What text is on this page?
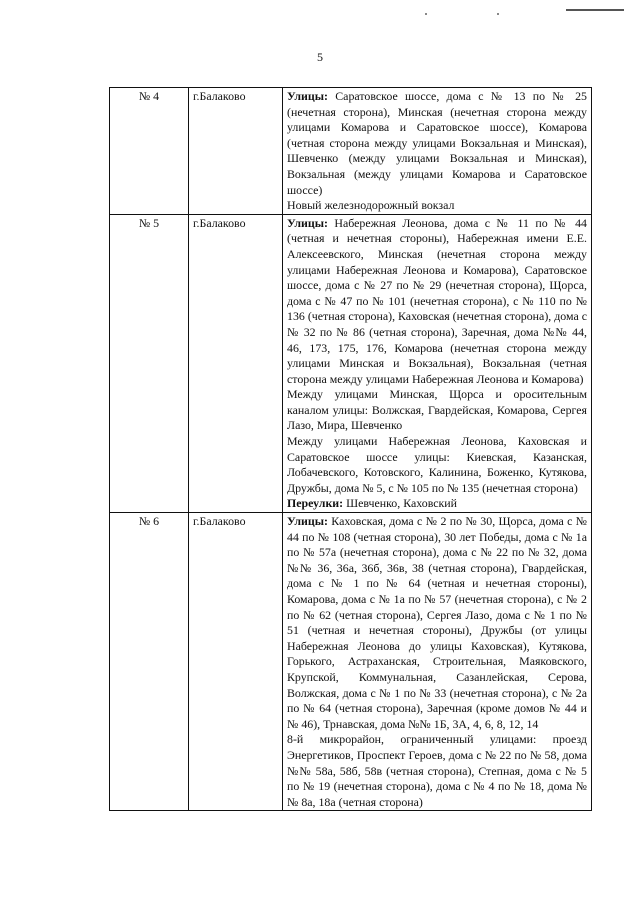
5
№ 4	г.Балаково	Улицы: Саратовское шоссе, дома с № 13 по № 25 (нечетная сторона), Минская (нечетная сторона между улицами Комарова и Саратовское шоссе), Комарова (четная сторона между улицами Вокзальная и Минская), Шевченко (между улицами Вокзальная и Минская), Вокзальная (между улицами Комарова и Саратовское шоссе)
Новый железнодорожный вокзал

№ 5	г.Балаково	Улицы: Набережная Леонова, дома с № 11 по № 44 (четная и нечетная стороны), Набережная имени Е.Е. Алексеевского, Минская (нечетная сторона между улицами Набережная Леонова и Комарова), Саратовское шоссе, дома с № 27 по № 29 (нечетная сторона), Щорса, дома с № 47 по № 101 (нечетная сторона), с № 110 по № 136 (четная сторона), Каховская (нечетная сторона), дома с № 32 по № 86 (четная сторона), Заречная, дома №№ 44, 46, 173, 175, 176, Комарова (нечетная сторона между улицами Минская и Вокзальная), Вокзальная (четная сторона между улицами Набережная Леонова и Комарова)
Между улицами Минская, Щорса и оросительным каналом улицы: Волжская, Гвардейская, Комарова, Сергея Лазо, Мира, Шевченко
Между улицами Набережная Леонова, Каховская и Саратовское шоссе улицы: Киевская, Казанская, Лобачевского, Котовского, Калинина, Боженко, Кутякова, Дружбы, дома № 5, с № 105 по № 135 (нечетная сторона)
Переулки: Шевченко, Каховский

№ 6	г.Балаково	Улицы: Каховская, дома с № 2 по № 30, Щорса, дома с № 44 по № 108 (четная сторона), 30 лет Победы, дома с № 1а по № 57а (нечетная сторона), дома с № 22 по № 32, дома №№ 36, 36а, 36б, 36в, 38 (четная сторона), Гвардейская, дома с № 1 по № 64 (четная и нечетная стороны), Комарова, дома с № 1а по № 57 (нечетная сторона), с № 2 по № 62 (четная сторона), Сергея Лазо, дома с № 1 по № 51 (четная и нечетная стороны), Дружбы (от улицы Набережная Леонова до улицы Каховская), Кутякова, Горького, Астраханская, Строительная, Маяковского, Крупской, Коммунальная, Сазанлейская, Серова, Волжская, дома с № 1 по № 33 (нечетная сторона), с № 2а по № 64 (четная сторона), Заречная (кроме домов № 44 и № 46), Трнавская, дома №№ 1Б, 3А, 4, 6, 8, 12, 14
8-й микрорайон, ограниченный улицами: проезд Энергетиков, Проспект Героев, дома с № 22 по № 58, дома №№ 58а, 58б, 58в (четная сторона), Степная, дома с № 5 по № 19 (нечетная сторона), дома с № 4 по № 18, дома №№ 8а, 18а (четная сторона)
